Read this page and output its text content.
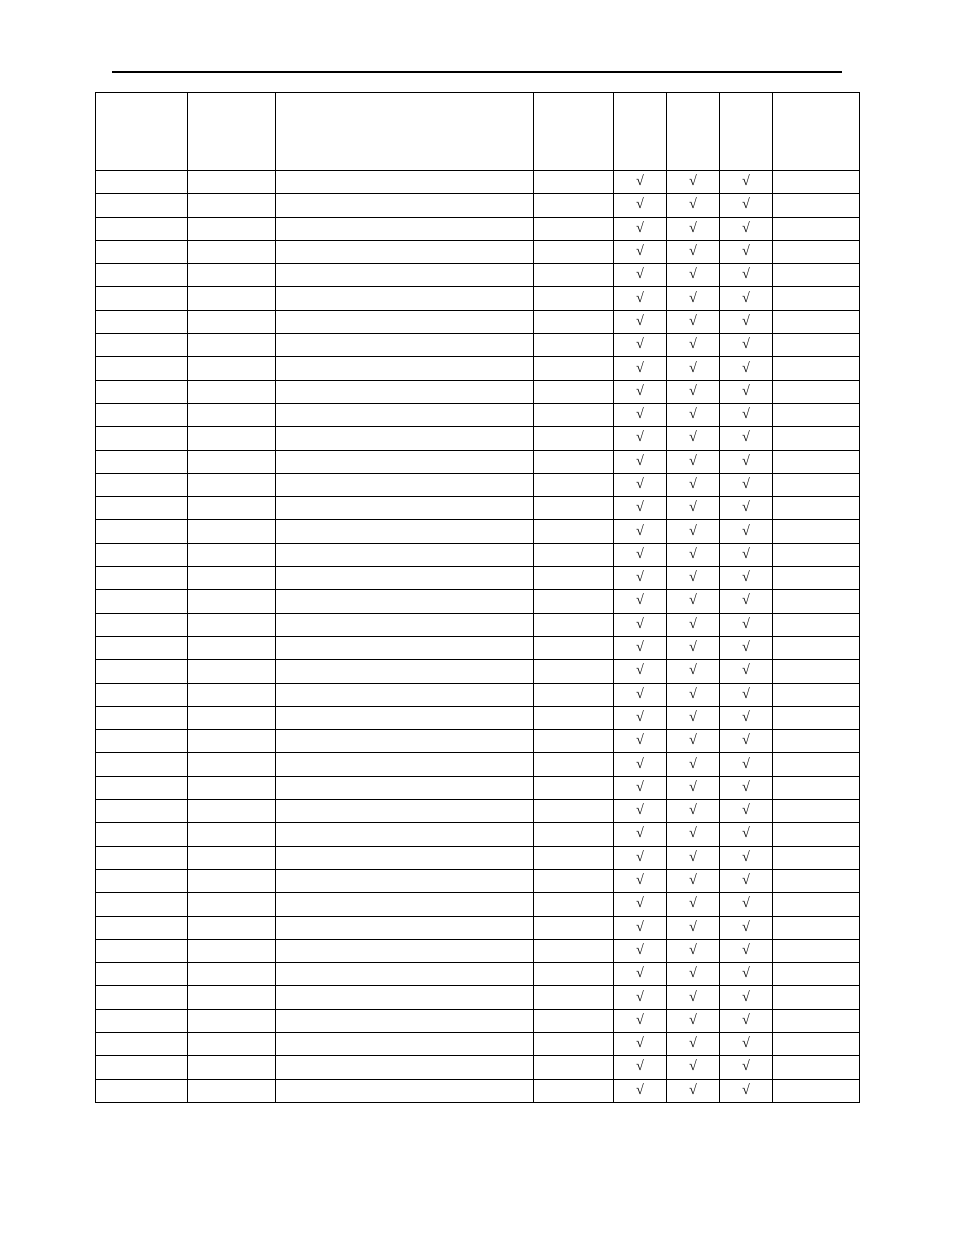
				√	√	√	
				√	√	√	
				√	√	√	
				√	√	√	
				√	√	√	
				√	√	√	
				√	√	√	
				√	√	√	
				√	√	√	
				√	√	√	
				√	√	√	
				√	√	√	
				√	√	√	
				√	√	√	
				√	√	√	
				√	√	√	
				√	√	√	
				√	√	√	
				√	√	√	
				√	√	√	
				√	√	√	
				√	√	√	
				√	√	√	
				√	√	√	
				√	√	√	
				√	√	√	
				√	√	√	
				√	√	√	
				√	√	√	
				√	√	√	
				√	√	√	
				√	√	√	
				√	√	√	
				√	√	√	
				√	√	√	
				√	√	√	
				√	√	√	
				√	√	√	
				√	√	√	
				√	√	√	
